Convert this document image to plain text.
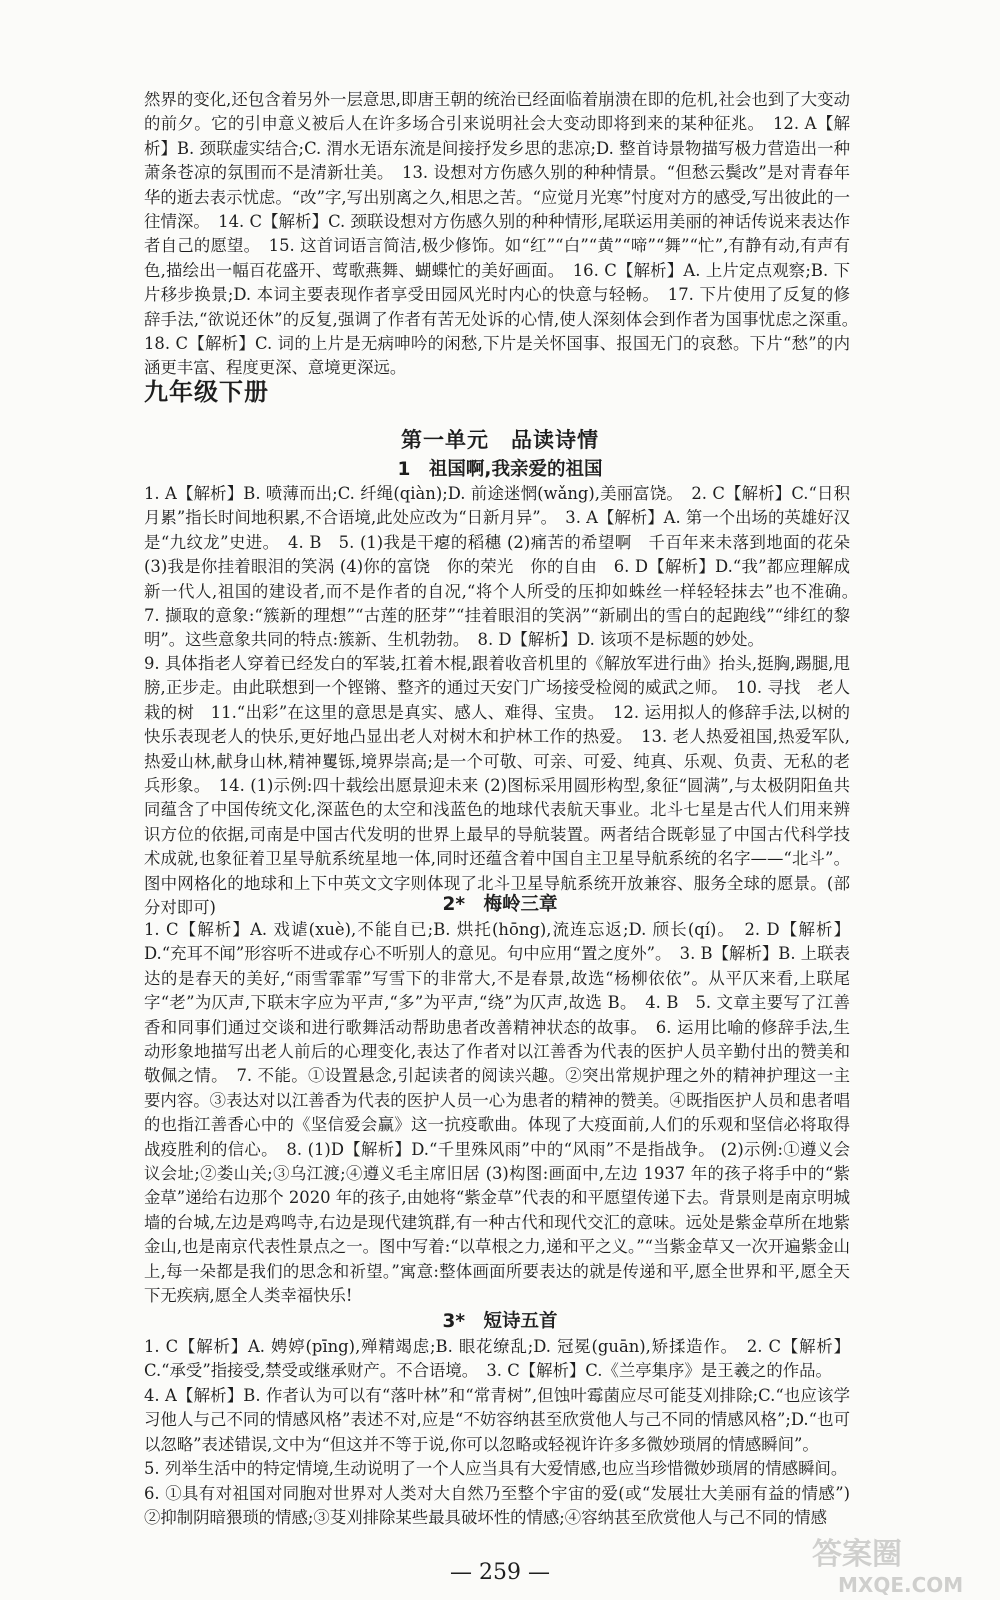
然界的变化,还包含着另外一层意思,即唐王朝的统治已经面临着崩溃在即的危机,社会也到了大变动的前夕。它的引申意义被后人在许多场合引来说明社会大变动即将到来的某种征兆。　12. A【解析】B. 颈联虚实结合;C. 渭水无语东流是间接抒发乡思的悲凉;D. 整首诗景物描写极力营造出一种萧条苍凉的氛围而不是清新壮美。　13. 设想对方伤感久别的种种情景。“但愁云鬓改”是对青春年华的逝去表示忧虑。“改”字,写出别离之久,相思之苦。“应觉月光寒”忖度对方的感受,写出彼此的一往情深。　14. C【解析】C. 颈联设想对方伤感久别的种种情形,尾联运用美丽的神话传说来表达作者自己的愿望。　15. 这首词语言简洁,极少修饰。如“红”“白”“黄”“啼”“舞”“忙”,有静有动,有声有色,描绘出一幅百花盛开、莺歌燕舞、蝴蝶忙的美好画面。　16. C【解析】A. 上片定点观察;B. 下片移步换景;D. 本词主要表现作者享受田园风光时内心的快意与轻畅。　17. 下片使用了反复的修辞手法,“欲说还休”的反复,强调了作者有苦无处诉的心情,使人深刻体会到作者为国事忧虑之深重。　18. C【解析】C. 词的上片是无病呻吟的闲愁,下片是关怀国事、报国无门的哀愁。下片“愁”的内涵更丰富、程度更深、意境更深远。
九年级下册
第一单元　品读诗情
1　祖国啊,我亲爱的祖国
1. A【解析】B. 喷薄而出;C. 纤绳(qiàn);D. 前途迷惘(wǎng),美丽富饶。　2. C【解析】C.“日积月累”指长时间地积累,不合语境,此处应改为“日新月异”。　3. A【解析】A. 第一个出场的英雄好汉是“九纹龙”史进。　4. B　5. (1)我是干瘪的稻穗 (2)痛苦的希望啊　千百年来未落到地面的花朵 (3)我是你挂着眼泪的笑涡 (4)你的富饶　你的荣光　你的自由　6. D【解析】D.“我”都应理解成新一代人,祖国的建设者,而不是作者的自况,“将个人所受的压抑如蛛丝一样轻轻抹去”也不准确。　7. 撷取的意象:“簇新的理想”“古莲的胚芽”“挂着眼泪的笑涡”“新刷出的雪白的起跑线”“绯红的黎明”。这些意象共同的特点:簇新、生机勃勃。　8. D【解析】D. 该项不是标题的妙处。
9. 具体指老人穿着已经发白的军装,扛着木棍,跟着收音机里的《解放军进行曲》抬头,挺胸,踢腿,甩膀,正步走。由此联想到一个铿锵、整齐的通过天安门广场接受检阅的威武之师。　10. 寻找　老人栽的树　11.“出彩”在这里的意思是真实、感人、难得、宝贵。　12. 运用拟人的修辞手法,以树的快乐表现老人的快乐,更好地凸显出老人对树木和护林工作的热爱。　13. 老人热爱祖国,热爱军队,热爱山林,献身山林,精神矍铄,境界崇高;是一个可敬、可亲、可爱、纯真、乐观、负责、无私的老兵形象。　14. (1)示例:四十载绘出愿景迎未来 (2)图标采用圆形构型,象征“圆满”,与太极阴阳鱼共同蕴含了中国传统文化,深蓝色的太空和浅蓝色的地球代表航天事业。北斗七星是古代人们用来辨识方位的依据,司南是中国古代发明的世界上最早的导航装置。两者结合既彰显了中国古代科学技术成就,也象征着卫星导航系统星地一体,同时还蕴含着中国自主卫星导航系统的名字——“北斗”。图中网格化的地球和上下中英文文字则体现了北斗卫星导航系统开放兼容、服务全球的愿景。(部分对即可)	2*　梅岭三章
1. C【解析】A. 戏谑(xuè),不能自已;B. 烘托(hōng),流连忘返;D. 颀长(qí)。　2. D【解析】D.“充耳不闻”形容听不进或存心不听别人的意见。句中应用“置之度外”。　3. B【解析】B. 上联表达的是春天的美好,“雨雪霏霏”写雪下的非常大,不是春景,故选“杨柳依依”。从平仄来看,上联尾字“老”为仄声,下联末字应为平声,“多”为平声,“绕”为仄声,故选 B。　4. B　5. 文章主要写了江善香和同事们通过交谈和进行歌舞活动帮助患者改善精神状态的故事。　6. 运用比喻的修辞手法,生动形象地描写出老人前后的心理变化,表达了作者对以江善香为代表的医护人员辛勤付出的赞美和敬佩之情。　7. 不能。①设置悬念,引起读者的阅读兴趣。②突出常规护理之外的精神护理这一主要内容。③表达对以江善香为代表的医护人员一心为患者的精神的赞美。④既指医护人员和患者唱的也指江善香心中的《坚信爱会赢》这一抗疫歌曲。体现了大疫面前,人们的乐观和坚信必将取得战疫胜利的信心。　8. (1)D【解析】D.“千里殊风雨”中的“风雨”不是指战争。 (2)示例:①遵义会议会址;②娄山关;③乌江渡;④遵义毛主席旧居 (3)构图:画面中,左边 1937 年的孩子将手中的“紫金草”递给右边那个 2020 年的孩子,由她将“紫金草”代表的和平愿望传递下去。背景则是南京明城墙的台城,左边是鸡鸣寺,右边是现代建筑群,有一种古代和现代交汇的意味。远处是紫金草所在地紫金山,也是南京代表性景点之一。图中写着:“以草根之力,递和平之义。”“当紫金草又一次开遍紫金山上,每一朵都是我们的思念和祈望。”寓意:整体画面所要表达的就是传递和平,愿全世界和平,愿全天下无疾病,愿全人类幸福快乐!
3*　短诗五首
1. C【解析】A. 娉婷(pīng),殚精竭虑;B. 眼花缭乱;D. 冠冕(guān),矫揉造作。　2. C【解析】C.“承受”指接受,禁受或继承财产。不合语境。　3. C【解析】C.《兰亭集序》是王羲之的作品。
4. A【解析】B. 作者认为可以有“落叶林”和“常青树”,但蚀叶霉菌应尽可能芟刈排除;C.“也应该学习他人与己不同的情感风格”表述不对,应是“不妨容纳甚至欣赏他人与己不同的情感风格”;D.“也可以忽略”表述错误,文中为“但这并不等于说,你可以忽略或轻视许许多多微妙琐屑的情感瞬间”。
5. 列举生活中的特定情境,生动说明了一个人应当具有大爱情感,也应当珍惜微妙琐屑的情感瞬间。
6. ①具有对祖国对同胞对世界对人类对大自然乃至整个宇宙的爱(或“发展壮大美丽有益的情感”) ②抑制阴暗猥琐的情感;③芟刈排除某些最具破坏性的情感;④容纳甚至欣赏他人与己不同的情感
— 259 —
答案圈
MXQE.COM
